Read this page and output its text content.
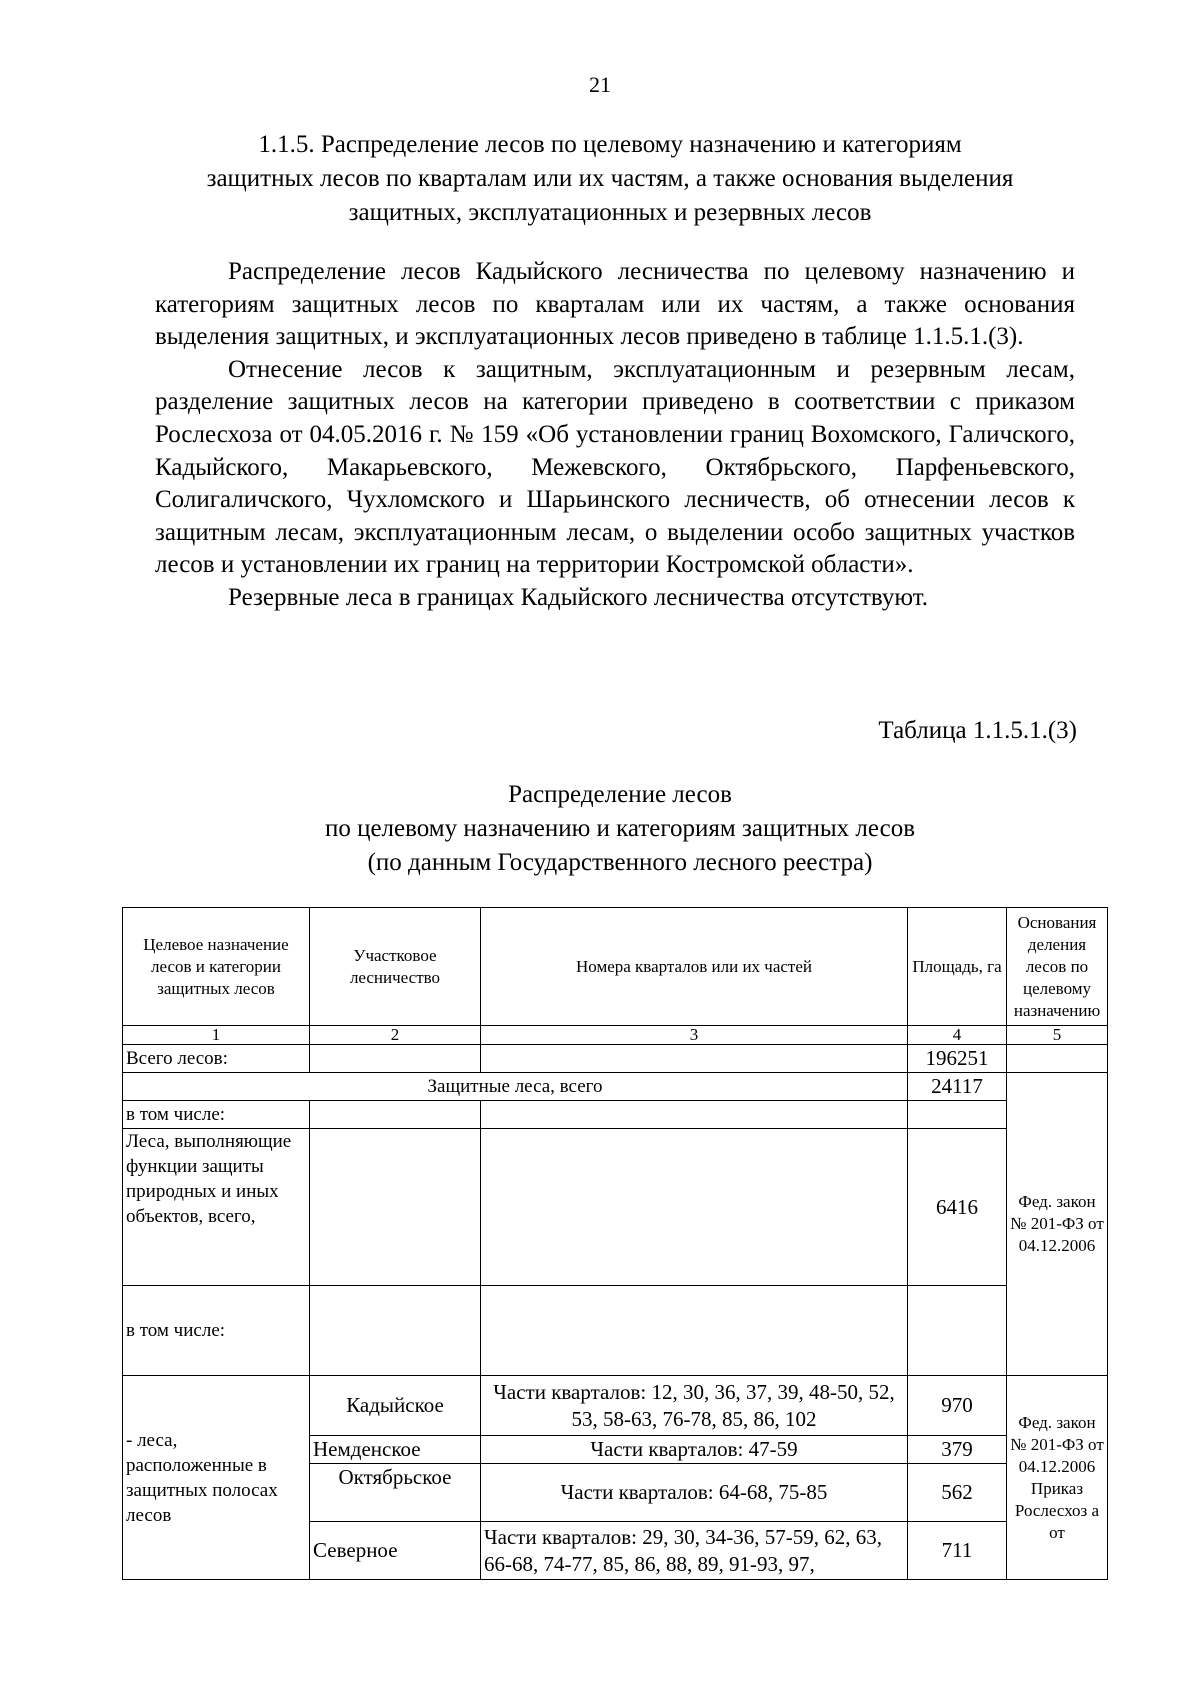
21
1.1.5. Распределение лесов по целевому назначению и категориям
защитных лесов по кварталам или их частям, а также основания выделения
защитных, эксплуатационных и резервных лесов

Распределение лесов Кадыйского лесничества по целевому назначению и категориям защитных лесов по кварталам или их частям, а также основания выделения защитных, и эксплуатационных лесов приведено в таблице 1.1.5.1.(3).

Отнесение лесов к защитным, эксплуатационным и резервным лесам, разделение защитных лесов на категории приведено в соответствии с приказом Рослесхоза от 04.05.2016 г. № 159 «Об установлении границ Вохомского, Галичского, Кадыйского, Макарьевского, Межевского, Октябрьского, Парфеньевского, Солигаличского, Чухломского и Шарьинского лесничеств, об отнесении лесов к защитным лесам, эксплуатационным лесам, о выделении особо защитных участков лесов и установлении их границ на территории Костромской области».

Резервные леса в границах Кадыйского лесничества отсутствуют.

Таблица 1.1.5.1.(3)
Распределение лесов
по целевому назначению и категориям защитных лесов
(по данным Государственного лесного реестра)
Целевое назначение лесов и категории защитных лесов	Участковое лесничество	Номера кварталов или их частей	Площадь, га	Основания деления лесов по целевому назначению
1	2	3	4	5
Всего лесов:			196251	
Защитные леса, всего			24117	Фед. закон № 201-ФЗ от 04.12.2006
в том числе:				
Леса, выполняющие функции защиты природных и иных объектов, всего,			6416	
в том числе:				
- леса, расположенные в защитных полосах лесов	Кадыйское	Части кварталов: 12, 30, 36, 37, 39, 48-50, 52, 53, 58-63, 76-78, 85, 86, 102	970	Фед. закон № 201-ФЗ от 04.12.2006 Приказ Рослесхоз а от
	Немденское	Части кварталов: 47-59	379	
	Октябрьское	Части кварталов: 64-68, 75-85	562	
	Северное	Части кварталов: 29, 30, 34-36, 57-59, 62, 63, 66-68, 74-77, 85, 86, 88, 89, 91-93, 97,	711	
